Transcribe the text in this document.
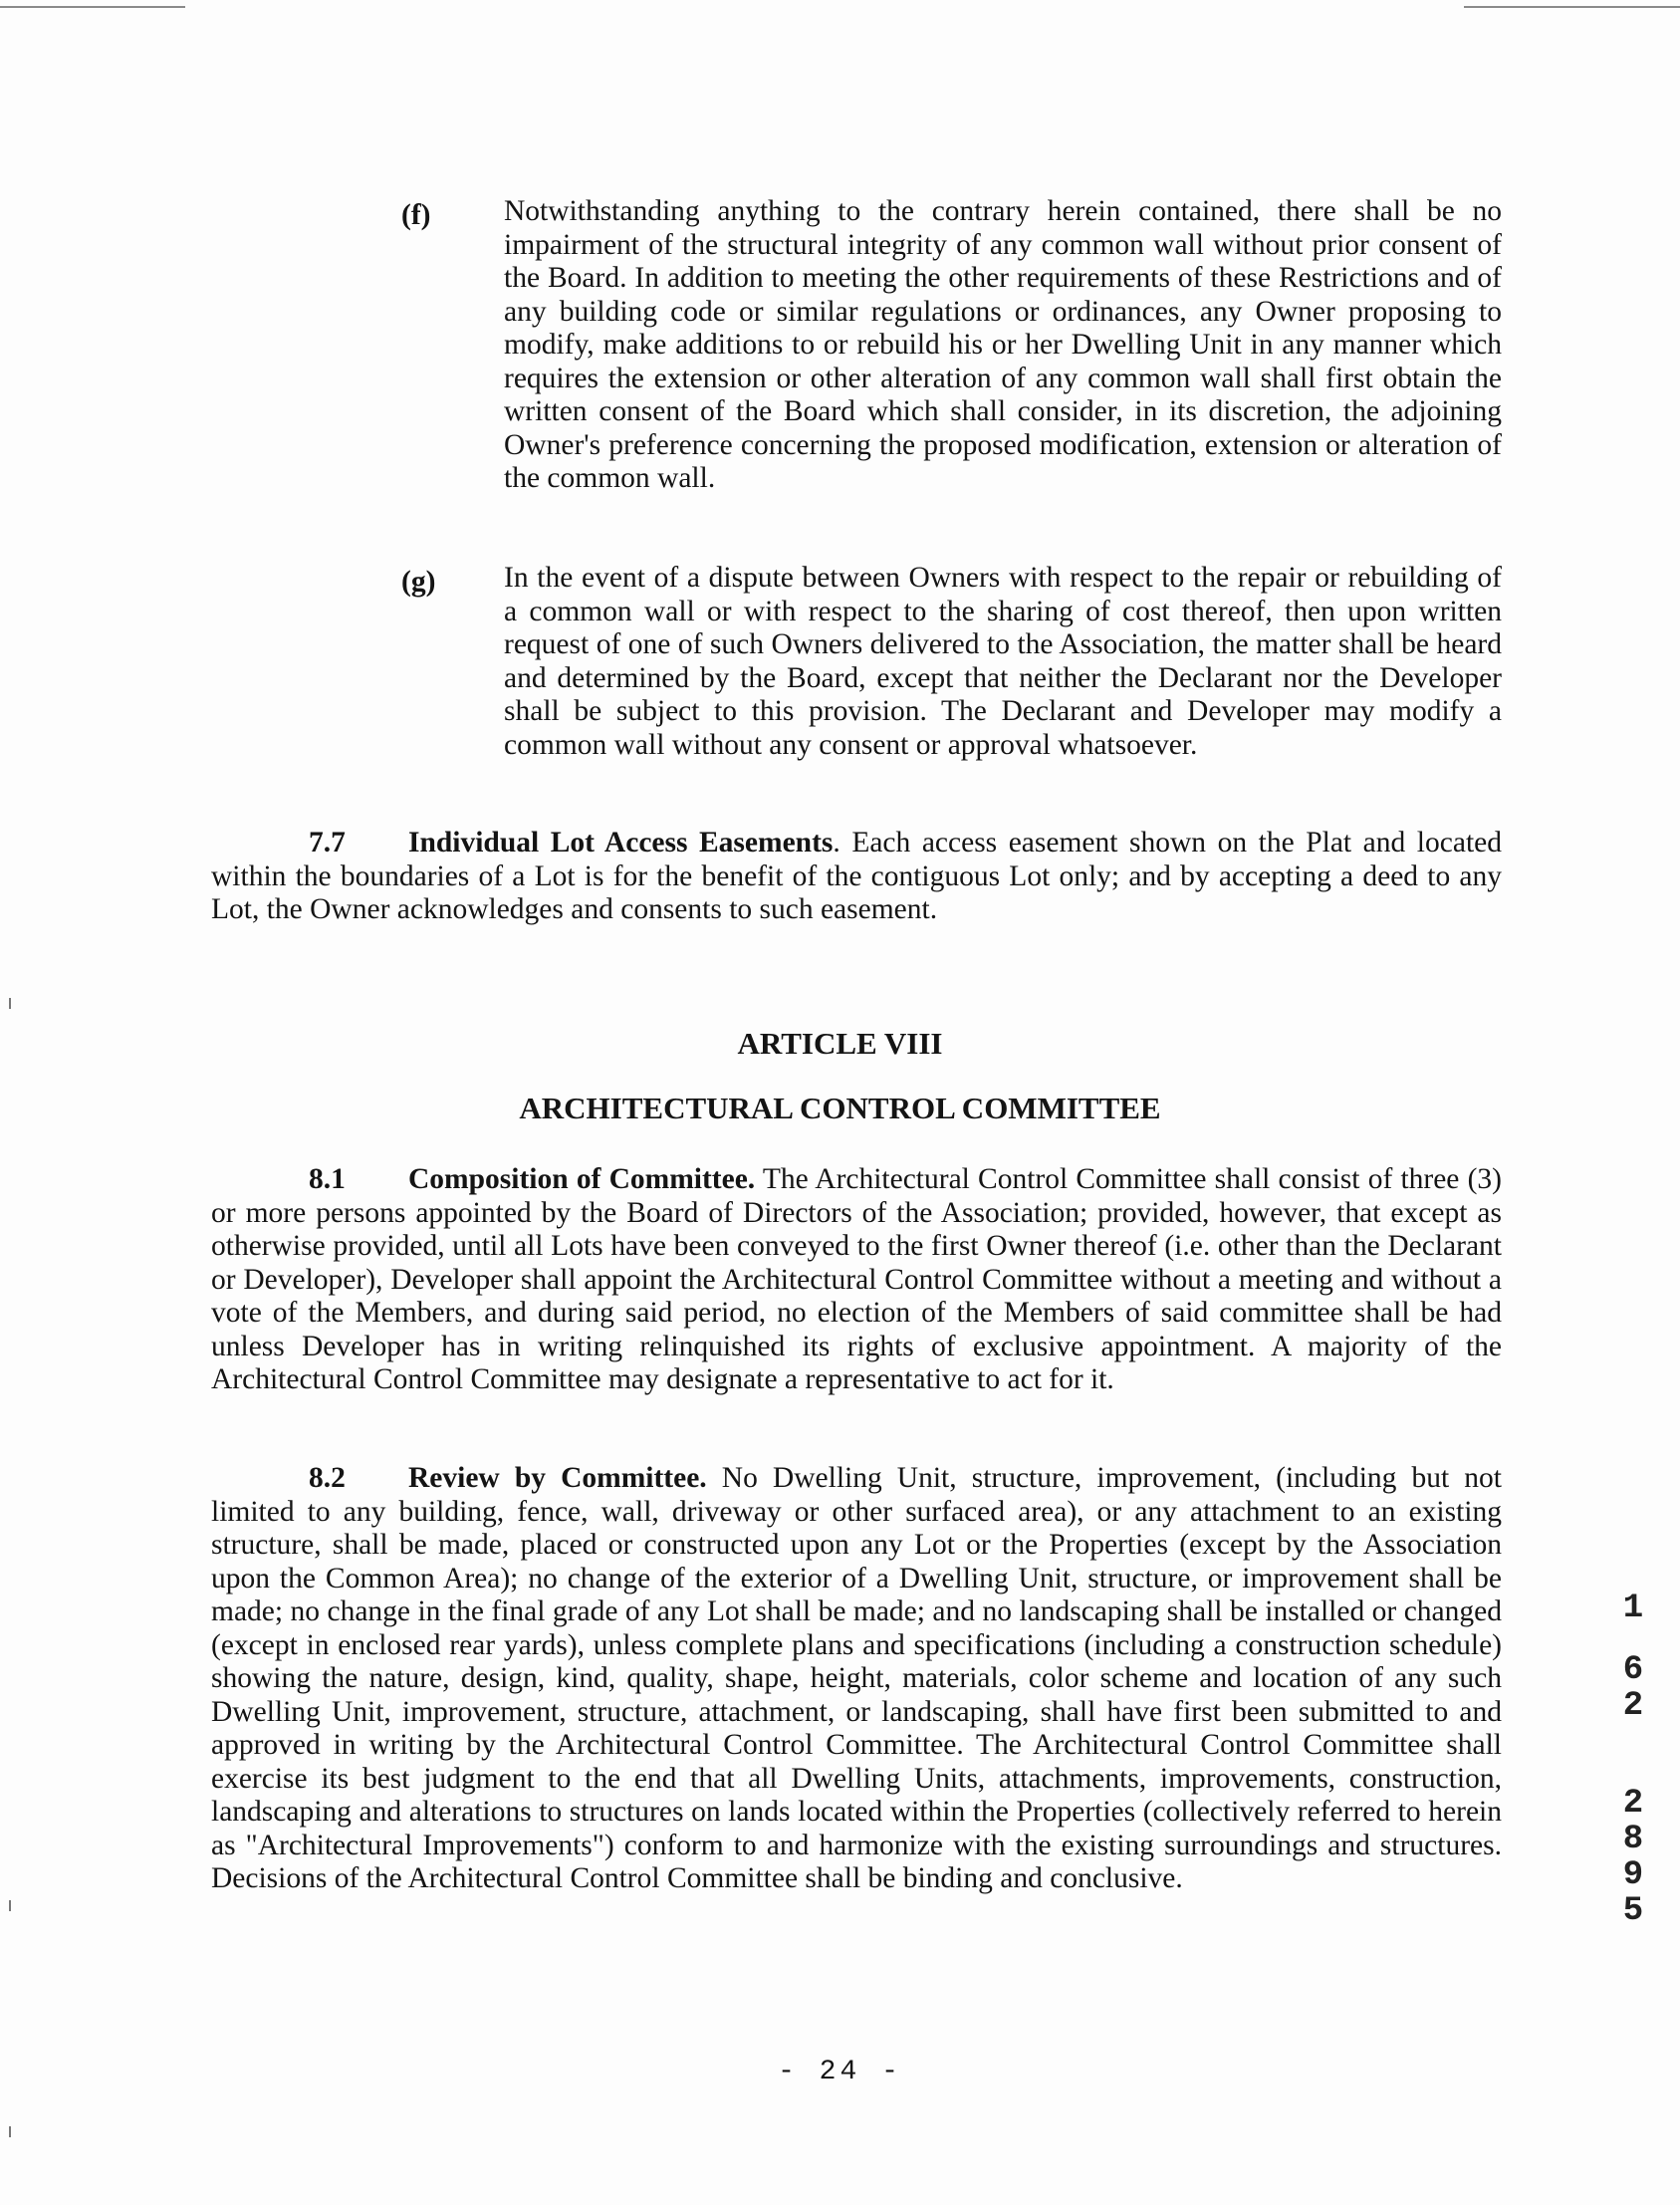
(f) Notwithstanding anything to the contrary herein contained, there shall be no impairment of the structural integrity of any common wall without prior consent of the Board. In addition to meeting the other requirements of these Restrictions and of any building code or similar regulations or ordinances, any Owner proposing to modify, make additions to or rebuild his or her Dwelling Unit in any manner which requires the extension or other alteration of any common wall shall first obtain the written consent of the Board which shall consider, in its discretion, the adjoining Owner's preference concerning the proposed modification, extension or alteration of the common wall.
(g) In the event of a dispute between Owners with respect to the repair or rebuilding of a common wall or with respect to the sharing of cost thereof, then upon written request of one of such Owners delivered to the Association, the matter shall be heard and determined by the Board, except that neither the Declarant nor the Developer shall be subject to this provision. The Declarant and Developer may modify a common wall without any consent or approval whatsoever.
7.7 Individual Lot Access Easements. Each access easement shown on the Plat and located within the boundaries of a Lot is for the benefit of the contiguous Lot only; and by accepting a deed to any Lot, the Owner acknowledges and consents to such easement.
ARTICLE VIII
ARCHITECTURAL CONTROL COMMITTEE
8.1 Composition of Committee. The Architectural Control Committee shall consist of three (3) or more persons appointed by the Board of Directors of the Association; provided, however, that except as otherwise provided, until all Lots have been conveyed to the first Owner thereof (i.e. other than the Declarant or Developer), Developer shall appoint the Architectural Control Committee without a meeting and without a vote of the Members, and during said period, no election of the Members of said committee shall be had unless Developer has in writing relinquished its rights of exclusive appointment. A majority of the Architectural Control Committee may designate a representative to act for it.
8.2 Review by Committee. No Dwelling Unit, structure, improvement, (including but not limited to any building, fence, wall, driveway or other surfaced area), or any attachment to an existing structure, shall be made, placed or constructed upon any Lot or the Properties (except by the Association upon the Common Area); no change of the exterior of a Dwelling Unit, structure, or improvement shall be made; no change in the final grade of any Lot shall be made; and no landscaping shall be installed or changed (except in enclosed rear yards), unless complete plans and specifications (including a construction schedule) showing the nature, design, kind, quality, shape, height, materials, color scheme and location of any such Dwelling Unit, improvement, structure, attachment, or landscaping, shall have first been submitted to and approved in writing by the Architectural Control Committee. The Architectural Control Committee shall exercise its best judgment to the end that all Dwelling Units, attachments, improvements, construction, landscaping and alterations to structures on lands located within the Properties (collectively referred to herein as "Architectural Improvements") conform to and harmonize with the existing surroundings and structures. Decisions of the Architectural Control Committee shall be binding and conclusive.
- 24 -
1
6
2
2
8
9
5
